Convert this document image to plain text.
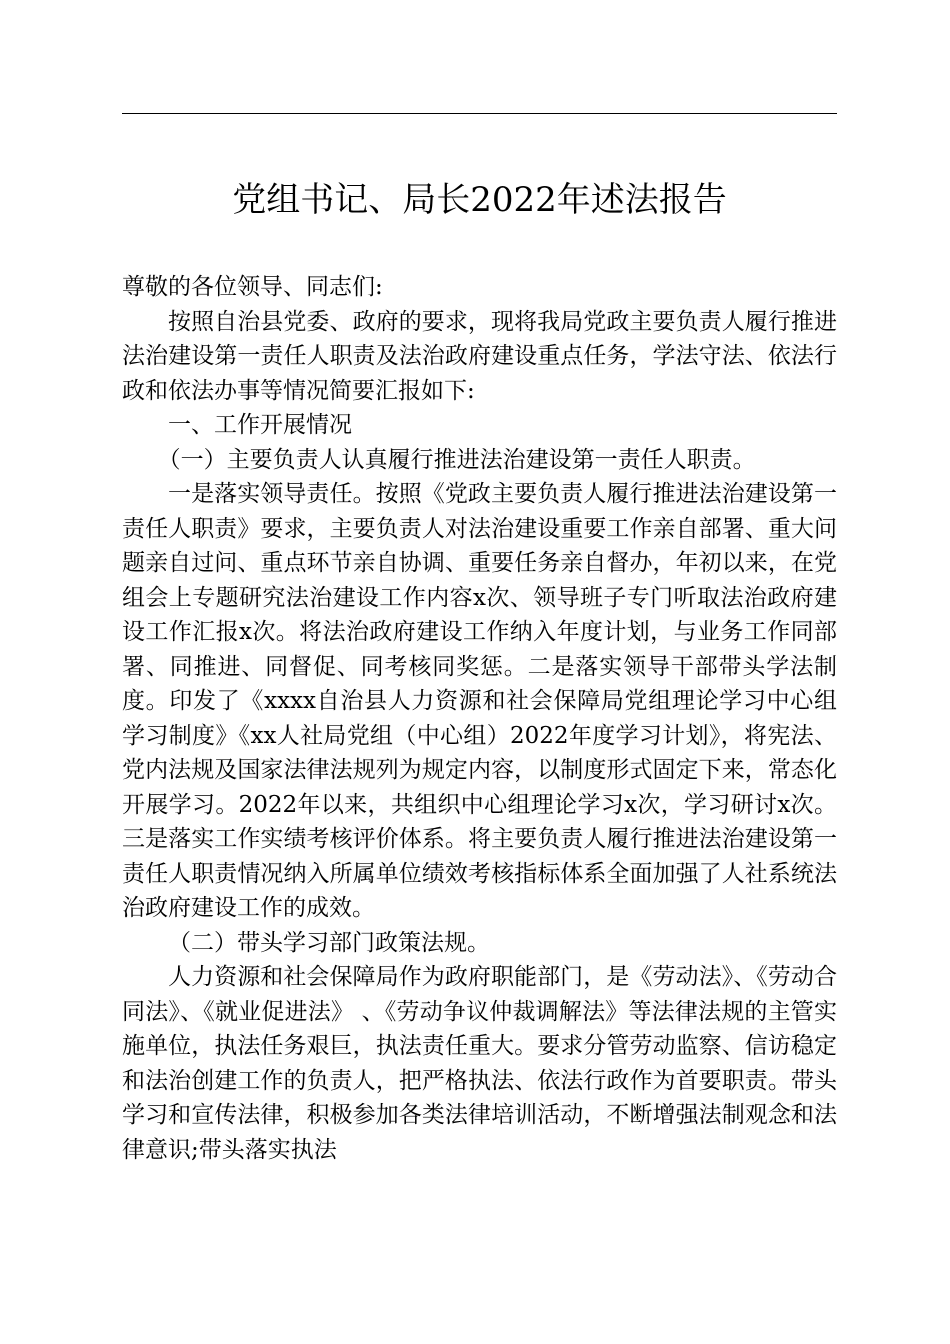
党组书记、局长2022年述法报告

尊敬的各位领导、同志们:

按照自治县党委、政府的要求，现将我局党政主要负责人履行推进法治建设第一责任人职责及法治政府建设重点任务，学法守法、依法行政和依法办事等情况简要汇报如下:

一、工作开展情况

（一）主要负责人认真履行推进法治建设第一责任人职责。

一是落实领导责任。按照《党政主要负责人履行推进法治建设第一责任人职责》要求，主要负责人对法治建设重要工作亲自部署、重大问题亲自过问、重点环节亲自协调、重要任务亲自督办，年初以来，在党组会上专题研究法治建设工作内容x次、领导班子专门听取法治政府建设工作汇报x次。将法治政府建设工作纳入年度计划，与业务工作同部署、同推进、同督促、同考核同奖惩。二是落实领导干部带头学法制度。印发了《xxxx自治县人力资源和社会保障局党组理论学习中心组学习制度》《xx人社局党组（中心组）2022年度学习计划》，将宪法、党内法规及国家法律法规列为规定内容，以制度形式固定下来，常态化开展学习。2022年以来，共组织中心组理论学习x次，学习研讨x次。三是落实工作实绩考核评价体系。将主要负责人履行推进法治建设第一责任人职责情况纳入所属单位绩效考核指标体系全面加强了人社系统法治政府建设工作的成效。

（二）带头学习部门政策法规。

人力资源和社会保障局作为政府职能部门，是《劳动法》、《劳动合同法》、《就业促进法》 、《劳动争议仲裁调解法》等法律法规的主管实施单位，执法任务艰巨，执法责任重大。要求分管劳动监察、信访稳定和法治创建工作的负责人，把严格执法、依法行政作为首要职责。带头学习和宣传法律，积极参加各类法律培训活动，不断增强法制观念和法律意识;带头落实执法
